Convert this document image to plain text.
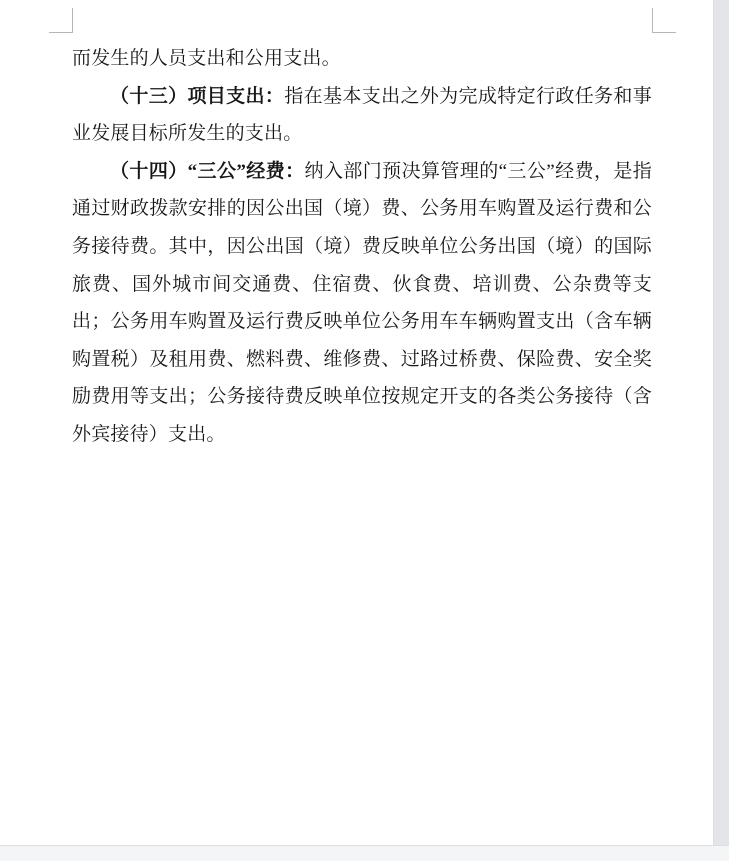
而发生的人员支出和公用支出。

（十三）项目支出：指在基本支出之外为完成特定行政任务和事业发展目标所发生的支出。

（十四）“三公”经费：纳入部门预决算管理的“三公”经费，是指通过财政拨款安排的因公出国（境）费、公务用车购置及运行费和公务接待费。其中，因公出国（境）费反映单位公务出国（境）的国际旅费、国外城市间交通费、住宿费、伙食费、培训费、公杂费等支出；公务用车购置及运行费反映单位公务用车车辆购置支出（含车辆购置税）及租用费、燃料费、维修费、过路过桥费、保险费、安全奖励费用等支出；公务接待费反映单位按规定开支的各类公务接待（含外宾接待）支出。
